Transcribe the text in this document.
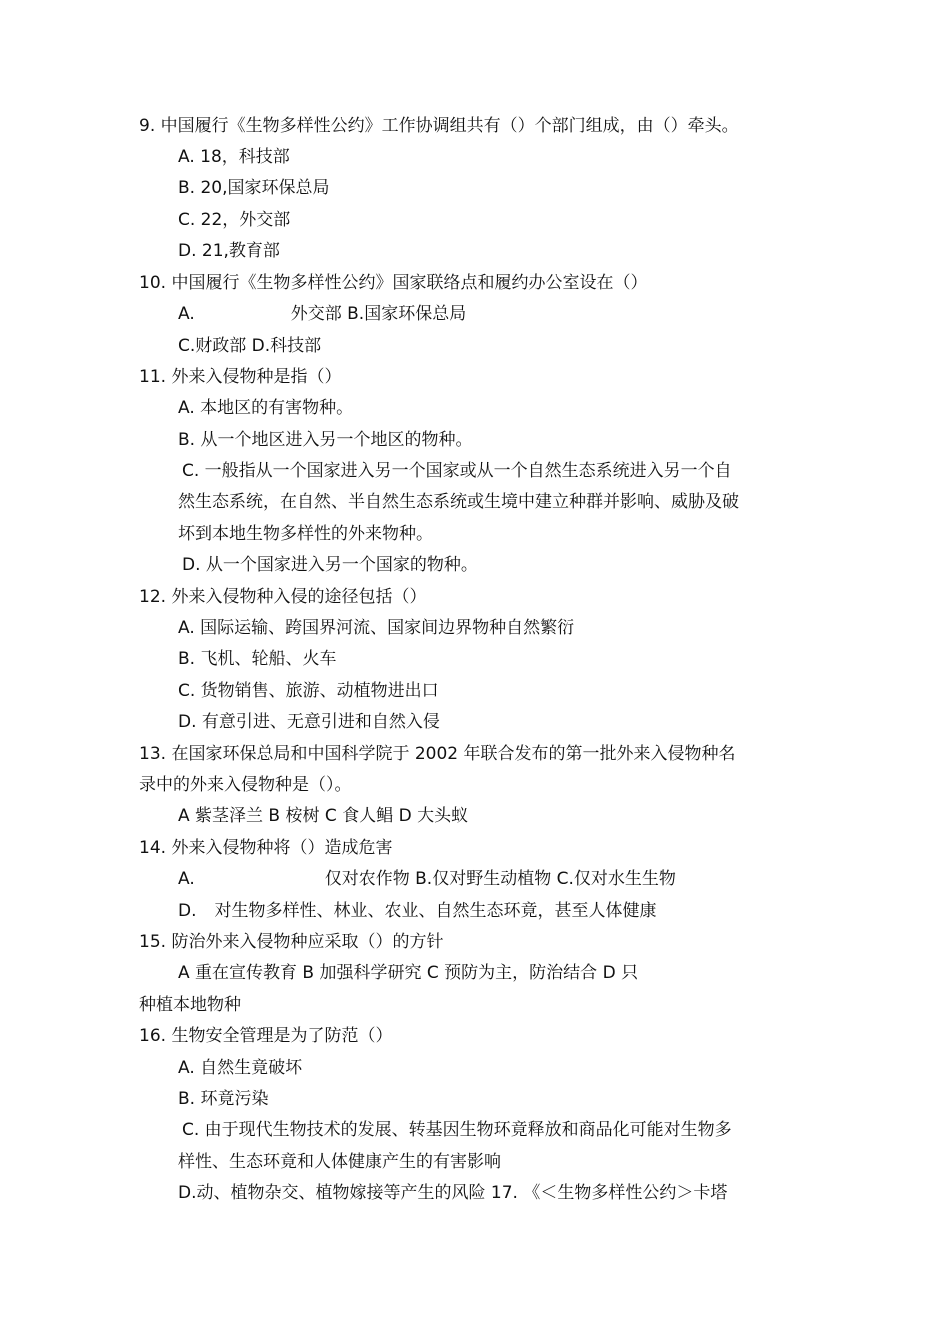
9. 中国履行《生物多样性公约》工作协调组共有（）个部门组成，由（）牵头。
A. 18，科技部
B. 20,国家环保总局
C. 22，外交部
D. 21,教育部
10. 中国履行《生物多样性公约》国家联络点和履约办公室设在（）
A.	外交部 B.国家环保总局
C.财政部 D.科技部
11. 外来入侵物种是指（）
A. 本地区的有害物种。
B. 从一个地区进入另一个地区的物种。
C. 一般指从一个国家进入另一个国家或从一个自然生态系统进入另一个自
然生态系统，在自然、半自然生态系统或生境中建立种群并影响、威胁及破
坏到本地生物多样性的外来物种。
D. 从一个国家进入另一个国家的物种。
12. 外来入侵物种入侵的途径包括（）
A. 国际运输、跨国界河流、国家间边界物种自然繁衍
B. 飞机、轮船、火车
C. 货物销售、旅游、动植物进出口
D. 有意引进、无意引进和自然入侵
13. 在国家环保总局和中国科学院于 2002 年联合发布的第一批外来入侵物种名
录中的外来入侵物种是（）。
A 紫茎泽兰 B 桉树 C 食人鲳 D 大头蚁
14. 外来入侵物种将（）造成危害
A.	仅对农作物 B.仅对野生动植物 C.仅对水生生物
D. 对生物多样性、林业、农业、自然生态环竟，甚至人体健康
15. 防治外来入侵物种应采取（）的方针
A 重在宣传教育 B 加强科学研究 C 预防为主，防治结合 D 只
种植本地物种
16. 生物安全管理是为了防范（）
A. 自然生竟破坏
B. 环竟污染
C. 由于现代生物技术的发展、转基因生物环竟释放和商品化可能对生物多
样性、生态环竟和人体健康产生的有害影响
D.动、植物杂交、植物嫁接等产生的风险 17. 《＜生物多样性公约＞卡塔
